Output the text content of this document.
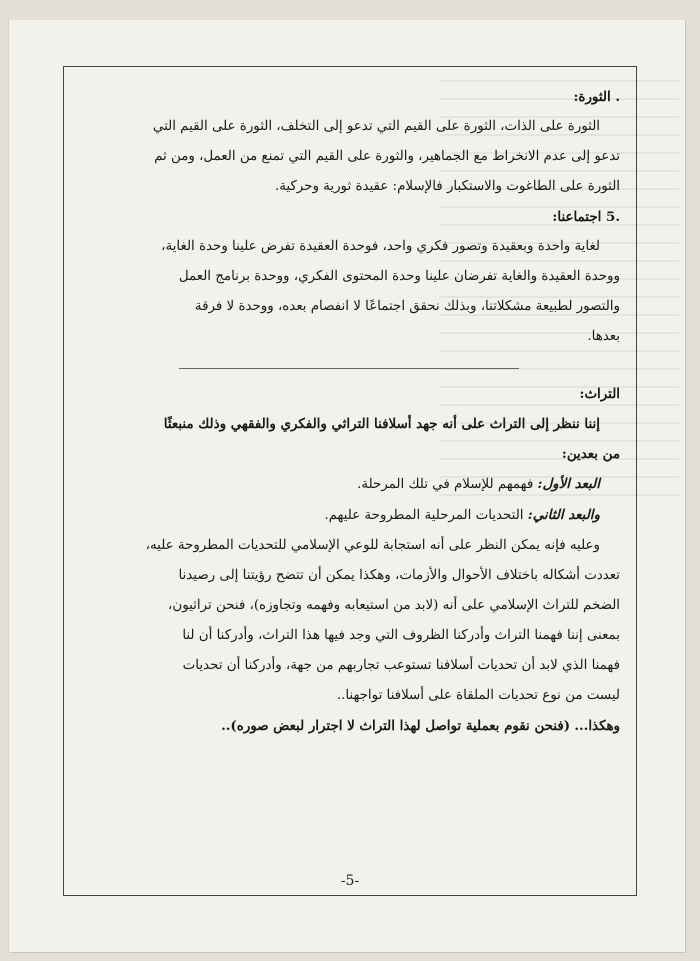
. الثورة:

الثورة على الذات، الثورة على القيم التي تدعو إلى التخلف، الثورة على القيم التي

تدعو إلى عدم الانخراط مع الجماهير، والثورة على القيم التي تمنع من العمل، ومن ثم

الثورة على الطاغوت والاستكبار فالإسلام: عقيدة ثورية وحركية.

5. اجتماعنا:

لغاية واحدة وبعقيدة وتصور فكري واحد، فوحدة العقيدة تفرض علينا وحدة الغاية،

ووحدة العقيدة والغاية تفرضان علينا وحدة المحتوى الفكري، ووحدة برنامج العمل

والتصور لطبيعة مشكلاتنا، وبذلك نحقق اجتماعًا لا انفصام بعده، ووحدة لا فرقة

بعدها.

التراث:

إننا ننظر إلى التراث على أنه جهد أسلافنا التراثي والفكري والفقهي وذلك منبعثًا

من بعدين:

البعد الأول: فهمهم للإسلام في تلك المرحلة.

والبعد الثاني: التحديات المرحلية المطروحة عليهم.

وعليه فإنه يمكن النظر على أنه استجابة للوعي الإسلامي للتحديات المطروحة عليه،

تعددت أشكاله باختلاف الأحوال والأزمات، وهكذا يمكن أن تتضح رؤيتنا إلى رصيدنا

الضخم للتراث الإسلامي على أنه (لابد من استيعابه وفهمه وتجاوزه)، فنحن تراثيون،

بمعنى إننا فهمنا التراث وأدركنا الظروف التي وجد فيها هذا التراث، وأدركنا أن لنا

فهمنا الذي لابد أن تحديات أسلافنا تستوعب تجاربهم من جهة، وأدركنا أن تحديات

ليست من نوع تحديات الملقاة على أسلافنا تواجهنا..

وهكذا... (فنحن نقوم بعملية تواصل لهذا التراث لا اجترار لبعض صوره)..

-5-
